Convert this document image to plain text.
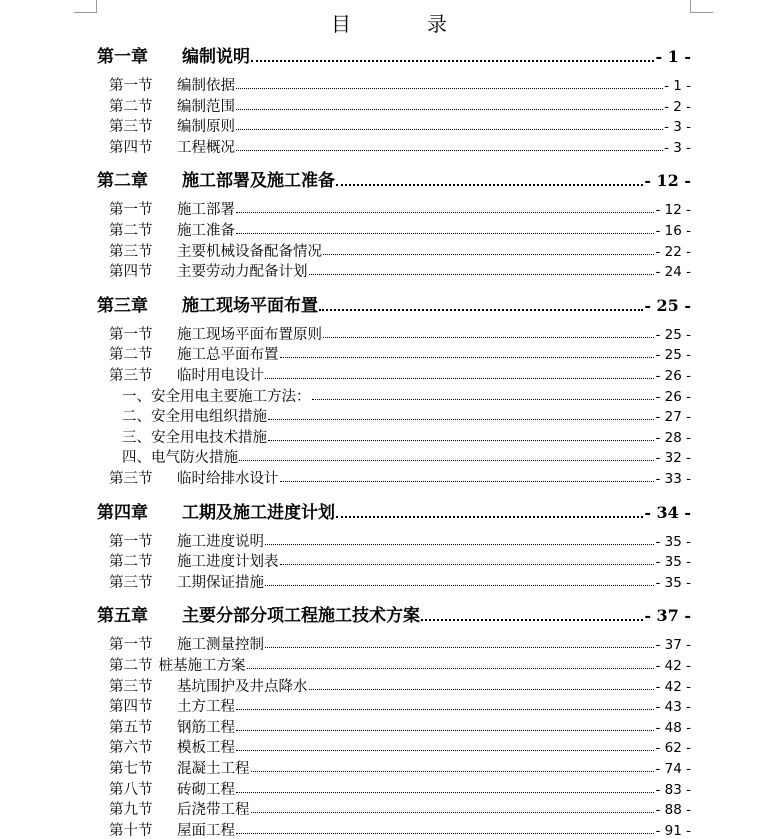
目　录
第一章	编制说明	- 1 -
第一节	编制依据	- 1 -
第二节	编制范围	- 2 -
第三节	编制原则	- 3 -
第四节	工程概况	- 3 -
第二章	施工部署及施工准备	- 12 -
第一节	施工部署	- 12 -
第二节	施工准备	- 16 -
第三节	主要机械设备配备情况	- 22 -
第四节	主要劳动力配备计划	- 24 -
第三章	施工现场平面布置	- 25 -
第一节	施工现场平面布置原则	- 25 -
第二节	施工总平面布置	- 25 -
第三节	临时用电设计	- 26 -
一、 安全用电主要施工方法：	- 26 -
二、 安全用电组织措施	- 27 -
三、 安全用电技术措施	- 28 -
四、 电气防火措施	- 32 -
第三节	临时给排水设计	- 33 -
第四章	工期及施工进度计划	- 34 -
第一节	施工进度说明	- 35 -
第二节	施工进度计划表	- 35 -
第三节	工期保证措施	- 35 -
第五章	主要分部分项工程施工技术方案	- 37 -
第一节	施工测量控制	- 37 -
第二节 桩基施工方案	- 42 -
第三节	基坑围护及井点降水	- 42 -
第四节	土方工程	- 43 -
第五节	钢筋工程	- 48 -
第六节	模板工程	- 62 -
第七节	混凝土工程	- 74 -
第八节	砖砌工程	- 83 -
第九节	后浇带工程	- 88 -
第十节	屋面工程	- 91 -
